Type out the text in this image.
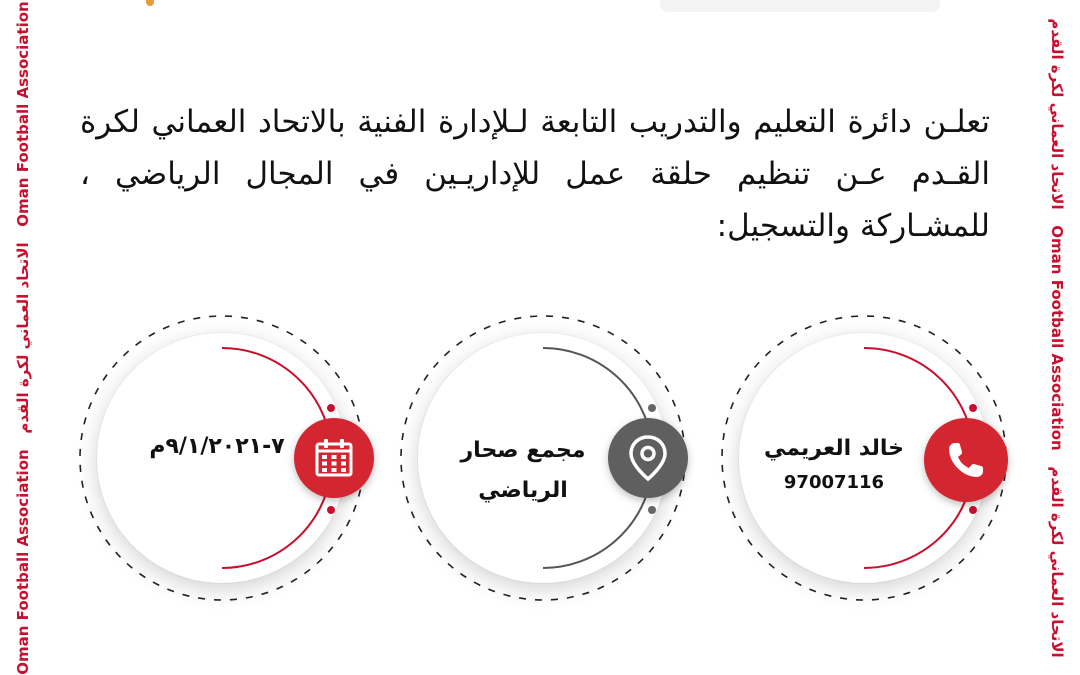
Oman Football Association   الاتحاد العماني لكرة القدم   Oman Football Association	الاتحاد العماني لكرة القدم   Oman Football Association   الاتحاد العماني لكرة القدم
تعلـن دائرة التعليم والتدريب التابعة لـلإدارة الفنية بالاتحاد العماني لكرة القـدم عـن تنظيم حلقة عمل للإداريـين في المجال الرياضي ، للمشـاركة والتسجيل:
٧-٩/١/٢٠٢١م	مجمع صحار
الرياضي
خالد العريمي
97007116
